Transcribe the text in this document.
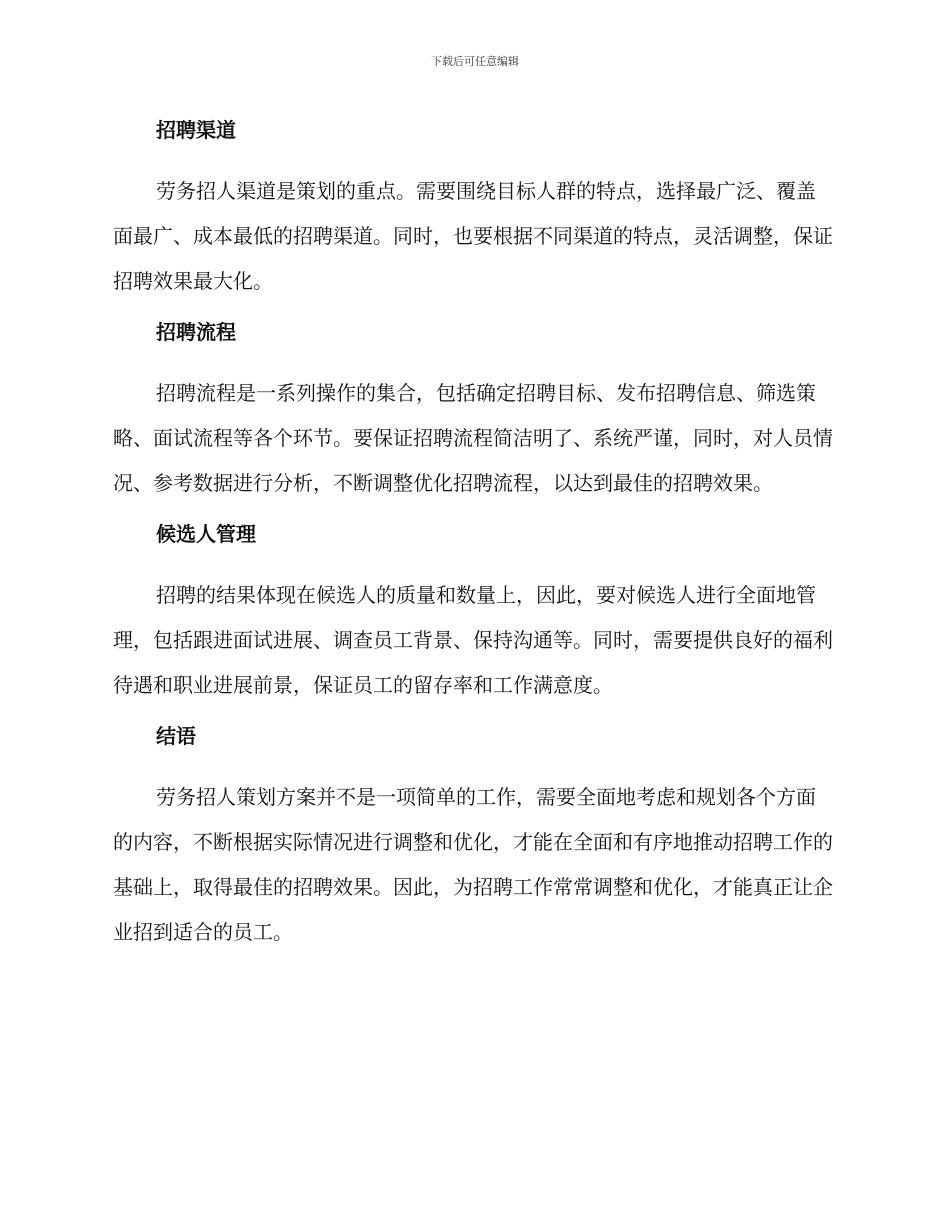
下载后可任意编辑
招聘渠道

劳务招人渠道是策划的重点。需要围绕目标人群的特点，选择最广泛、覆盖面最广、成本最低的招聘渠道。同时，也要根据不同渠道的特点，灵活调整，保证招聘效果最大化。

招聘流程

招聘流程是一系列操作的集合，包括确定招聘目标、发布招聘信息、筛选策略、面试流程等各个环节。要保证招聘流程简洁明了、系统严谨，同时，对人员情况、参考数据进行分析，不断调整优化招聘流程，以达到最佳的招聘效果。

候选人管理

招聘的结果体现在候选人的质量和数量上，因此，要对候选人进行全面地管理，包括跟进面试进展、调查员工背景、保持沟通等。同时，需要提供良好的福利待遇和职业进展前景，保证员工的留存率和工作满意度。

结语

劳务招人策划方案并不是一项简单的工作，需要全面地考虑和规划各个方面的内容，不断根据实际情况进行调整和优化，才能在全面和有序地推动招聘工作的基础上，取得最佳的招聘效果。因此，为招聘工作常常调整和优化，才能真正让企业招到适合的员工。
